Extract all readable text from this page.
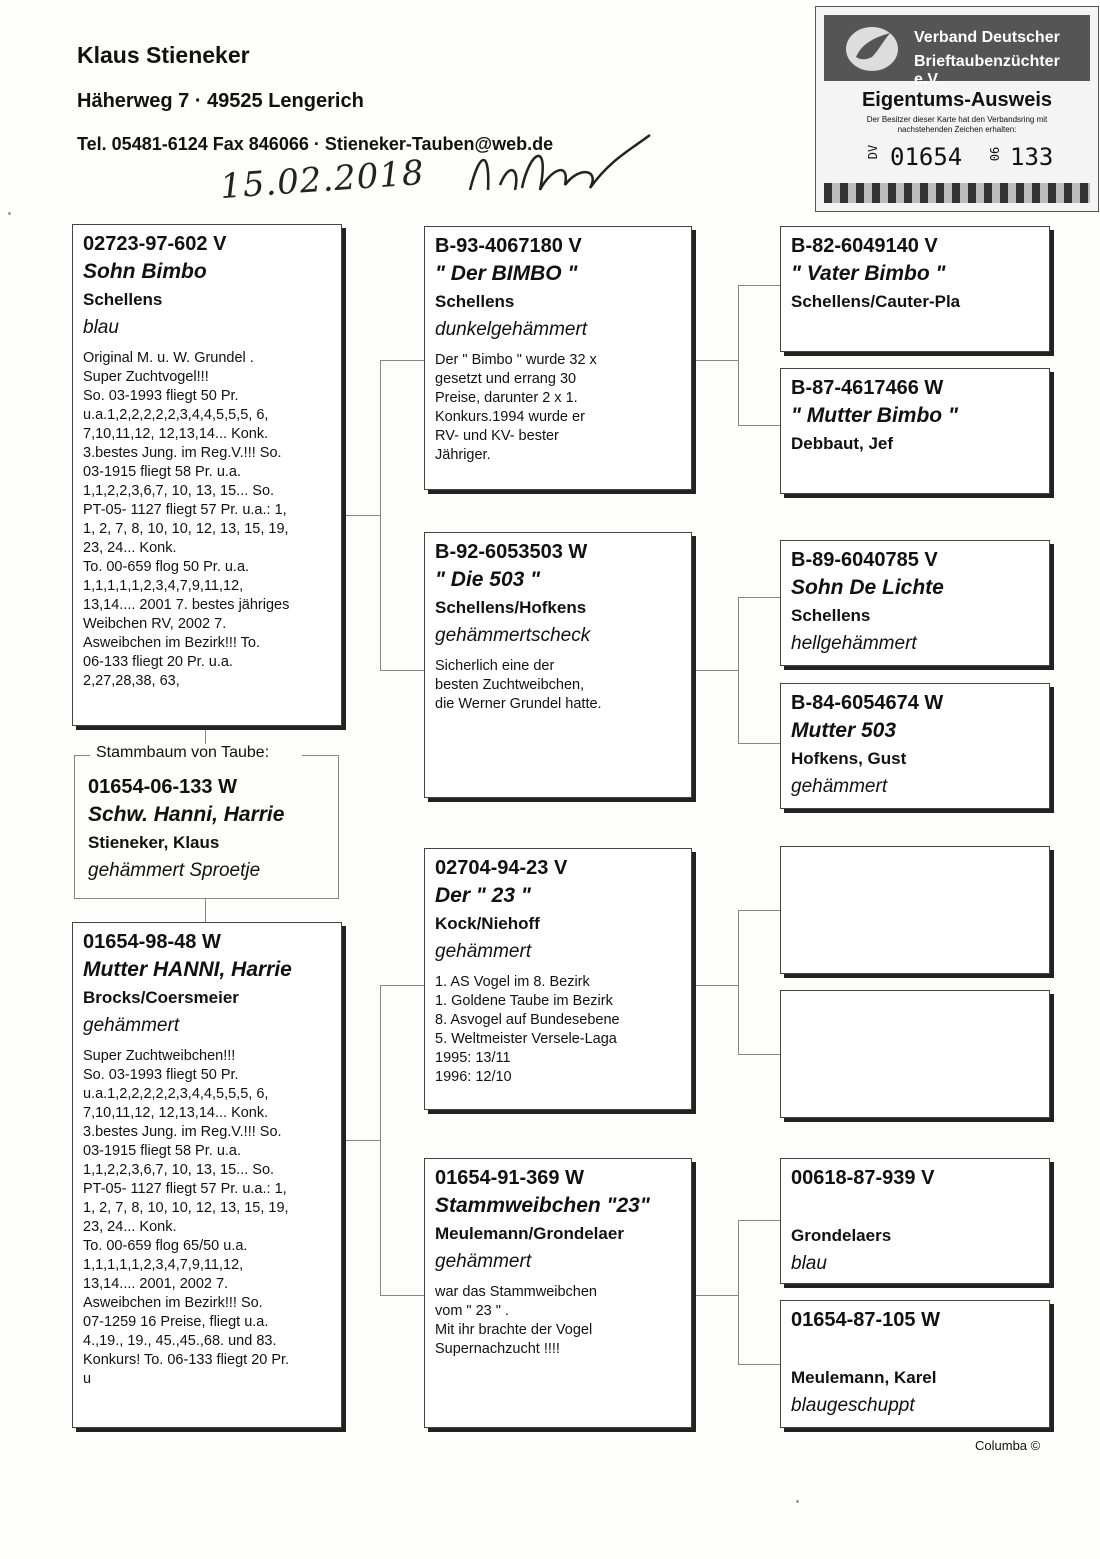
Klaus Stieneker
Häherweg 7 · 49525 Lengerich
Tel. 05481-6124 Fax 846066 · Stieneker-Tauben@web.de
15.02.2018
Verband Deutscher
Brieftaubenzüchter e.V.
Eigentums-Ausweis
Der Besitzer dieser Karte hat den Verbandsring mit nachstehenden Zeichen erhalten:
DV 01654 06 133
02723-97-602 V
Sohn Bimbo
Schellens
blau
Original M. u. W. Grundel .
Super Zuchtvogel!!!
So. 03-1993 fliegt 50 Pr.
u.a.1,2,2,2,2,2,3,4,4,5,5,5, 6,
7,10,11,12, 12,13,14... Konk.
3.bestes Jung. im Reg.V.!!! So.
03-1915 fliegt 58 Pr. u.a.
1,1,2,2,3,6,7, 10, 13, 15... So.
PT-05- 1127 fliegt 57 Pr. u.a.: 1,
1, 2, 7, 8, 10, 10, 12, 13, 15, 19,
23, 24... Konk.
To. 00-659 flog 50 Pr. u.a.
1,1,1,1,1,2,3,4,7,9,11,12,
13,14.... 2001 7. bestes jähriges
Weibchen RV, 2002 7.
Asweibchen im Bezirk!!! To.
06-133 fliegt 20 Pr. u.a.
2,27,28,38, 63,
Stammbaum von Taube:
01654-06-133 W
Schw. Hanni, Harrie
Stieneker, Klaus
gehämmert Sproetje
01654-98-48 W
Mutter HANNI, Harrie
Brocks/Coersmeier
gehämmert
Super Zuchtweibchen!!!
So. 03-1993 fliegt 50 Pr.
u.a.1,2,2,2,2,2,3,4,4,5,5,5, 6,
7,10,11,12, 12,13,14... Konk.
3.bestes Jung. im Reg.V.!!! So.
03-1915 fliegt 58 Pr. u.a.
1,1,2,2,3,6,7, 10, 13, 15... So.
PT-05- 1127 fliegt 57 Pr. u.a.: 1,
1, 2, 7, 8, 10, 10, 12, 13, 15, 19,
23, 24... Konk.
To. 00-659 flog 65/50 u.a.
1,1,1,1,1,2,3,4,7,9,11,12,
13,14.... 2001, 2002 7.
Asweibchen im Bezirk!!! So.
07-1259 16 Preise, fliegt u.a.
4.,19., 19., 45.,45.,68. und 83.
Konkurs! To. 06-133 fliegt 20 Pr.
u
B-93-4067180 V
" Der BIMBO "
Schellens
dunkelgehämmert
Der " Bimbo " wurde 32 x
gesetzt und errang 30
Preise, darunter 2 x 1.
Konkurs.1994 wurde er
RV- und KV- bester
Jähriger.
B-92-6053503 W
" Die 503 "
Schellens/Hofkens
gehämmertscheck
Sicherlich eine der
besten Zuchtweibchen,
die Werner Grundel hatte.
02704-94-23 V
Der " 23 "
Kock/Niehoff
gehämmert
1. AS Vogel im 8. Bezirk
1. Goldene Taube im Bezirk
8. Asvogel auf Bundesebene
5. Weltmeister Versele-Laga
1995: 13/11
1996: 12/10
01654-91-369 W
Stammweibchen "23"
Meulemann/Grondelaer
gehämmert
war das Stammweibchen
vom " 23 " .
Mit ihr brachte der Vogel
Supernachzucht !!!!
B-82-6049140 V
" Vater Bimbo "
Schellens/Cauter-Pla
B-87-4617466 W
" Mutter Bimbo "
Debbaut, Jef
B-89-6040785 V
Sohn De Lichte
Schellens
hellgehämmert
B-84-6054674 W
Mutter 503
Hofkens, Gust
gehämmert
00618-87-939 V
Grondelaers
blau
01654-87-105 W
Meulemann, Karel
blaugeschuppt
Columba ©
